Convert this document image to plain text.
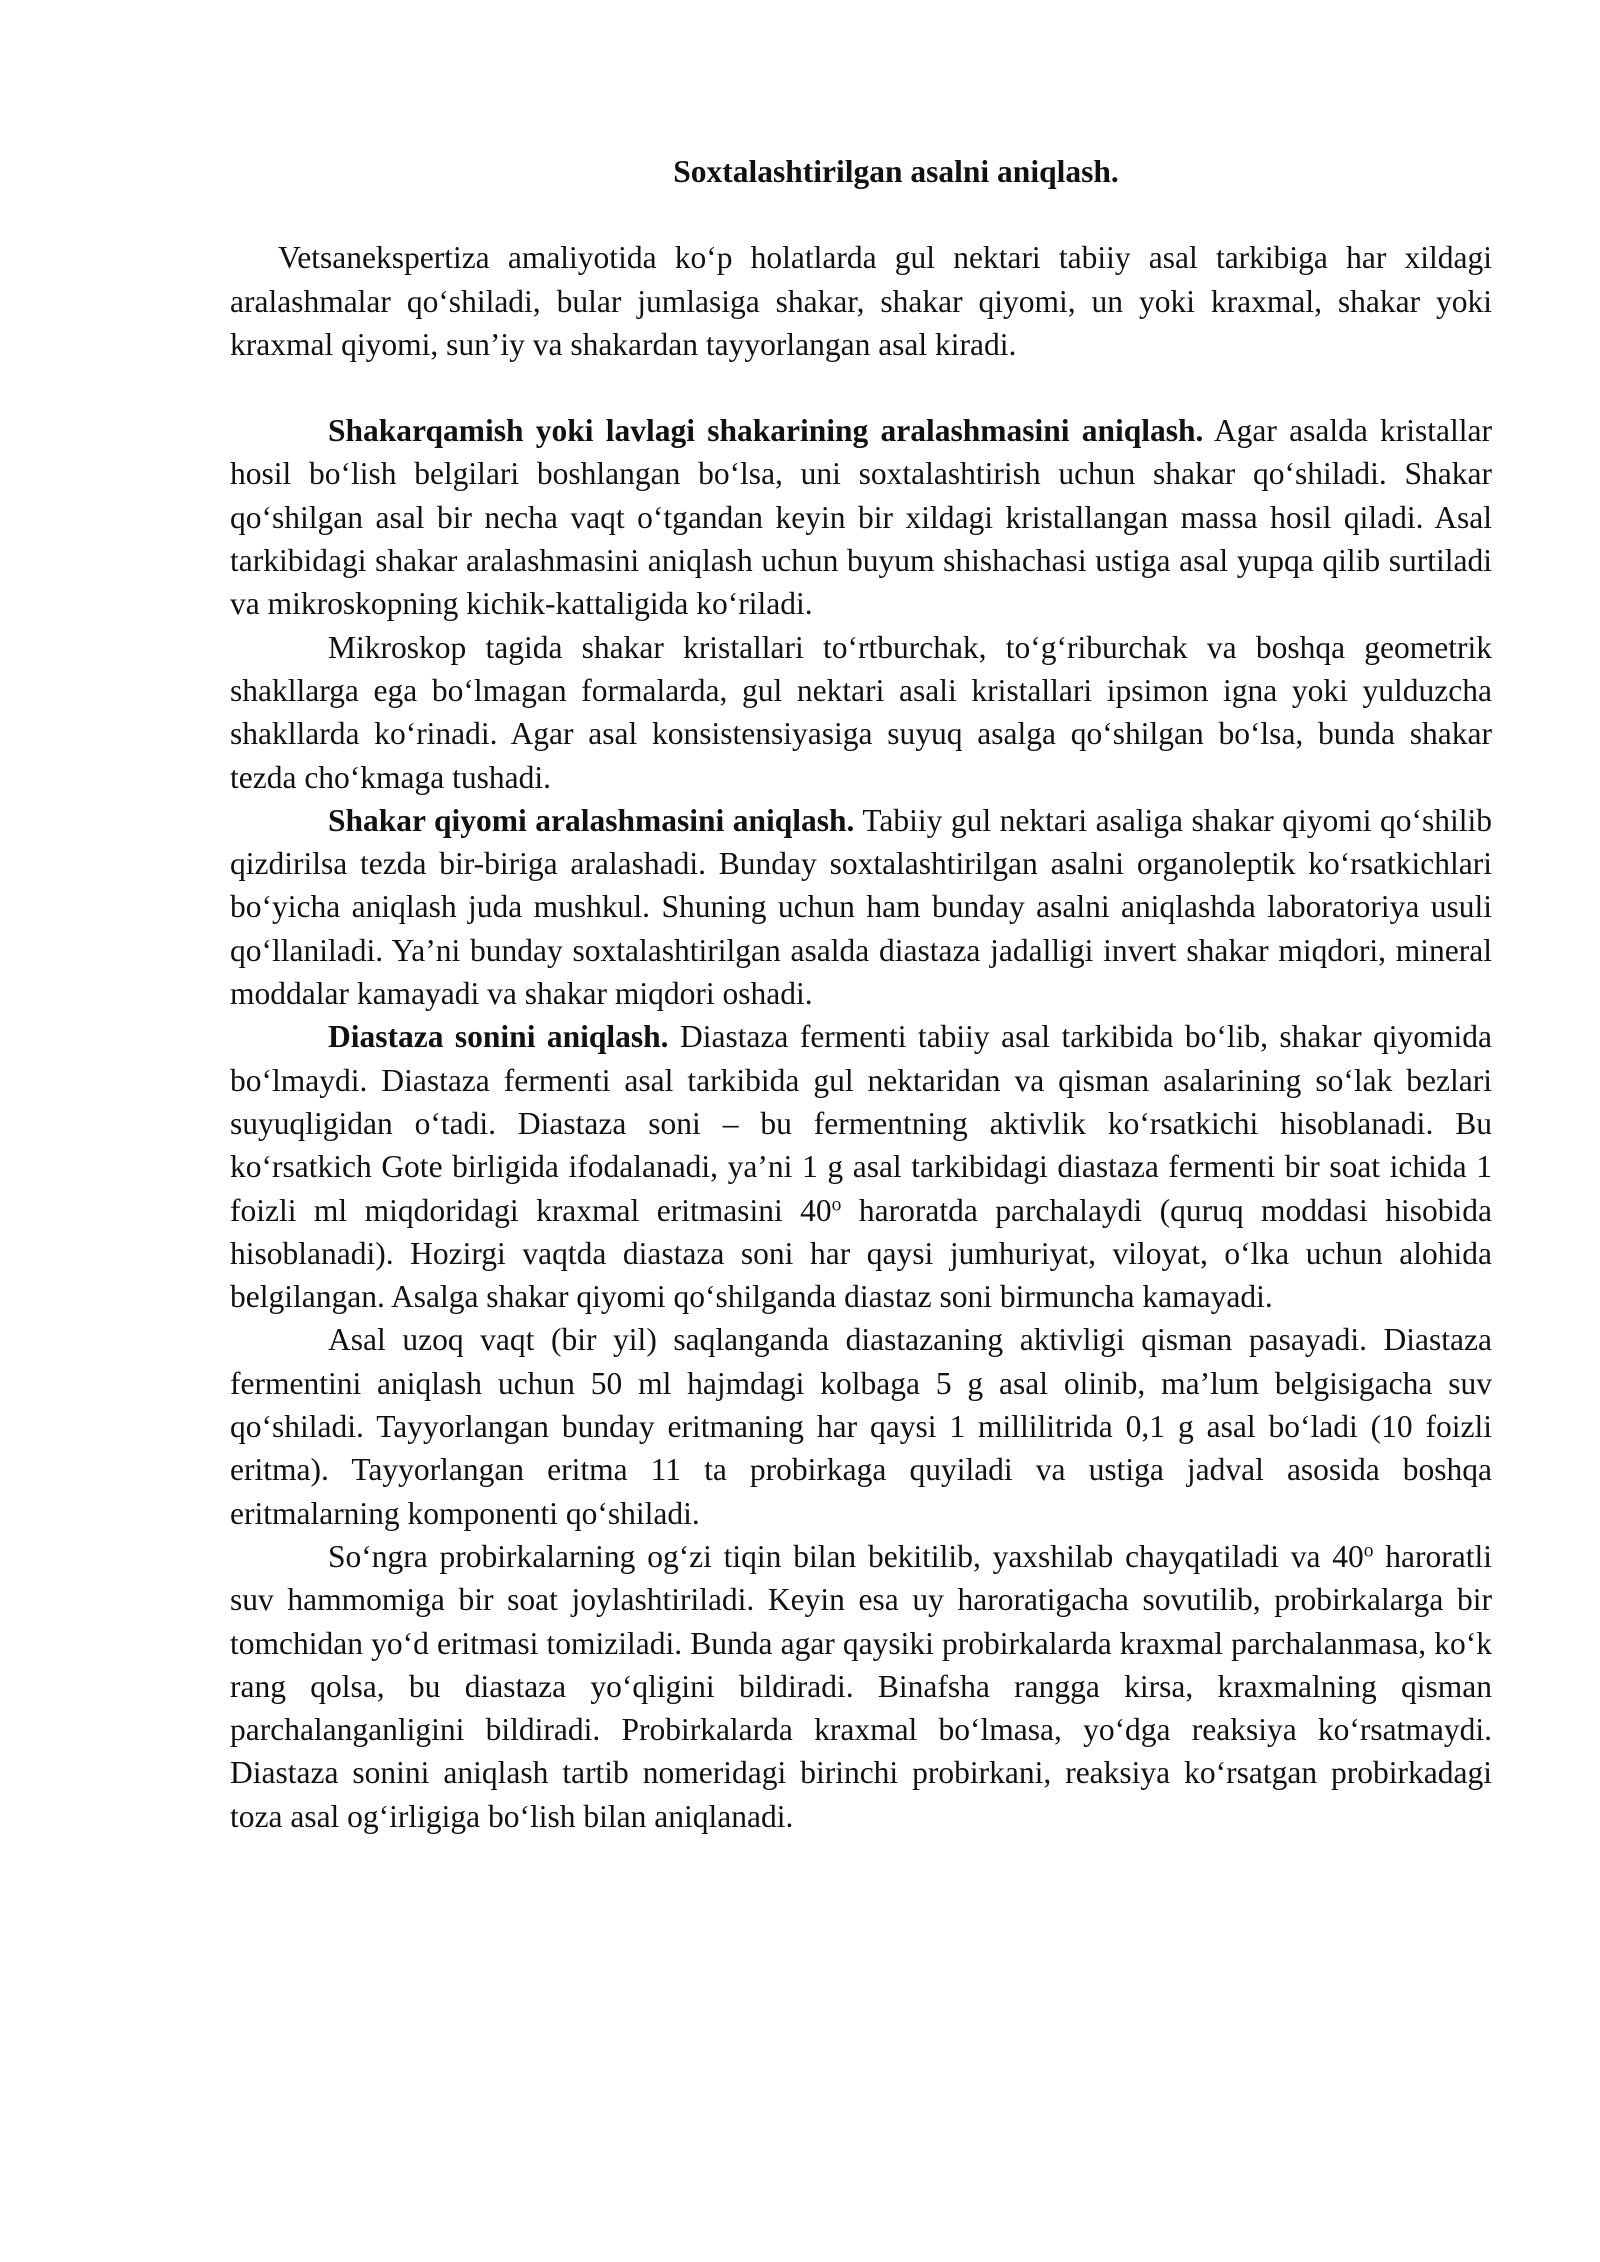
Soxtalashtirilgan asalni aniqlash.

Vetsanekspertiza amaliyotida ko‘p holatlarda gul nektari tabiiy asal tarkibiga har xildagi aralashmalar qo‘shiladi, bular jumlasiga shakar, shakar qiyomi, un yoki kraxmal, shakar yoki kraxmal qiyomi, sun’iy va shakardan tayyorlangan asal kiradi.

Shakarqamish yoki lavlagi shakarining aralashmasini aniqlash. Agar asalda kristallar hosil bo‘lish belgilari boshlangan bo‘lsa, uni soxtalashtirish uchun shakar qo‘shiladi. Shakar qo‘shilgan asal bir necha vaqt o‘tgandan keyin bir xildagi kristallangan massa hosil qiladi. Asal tarkibidagi shakar aralashmasini aniqlash uchun buyum shishachasi ustiga asal yupqa qilib surtiladi va mikroskopning kichik-kattaligida ko‘riladi.

Mikroskop tagida shakar kristallari to‘rtburchak, to‘g‘riburchak va boshqa geometrik shakllarga ega bo‘lmagan formalarda, gul nektari asali kristallari ipsimon igna yoki yulduzcha shakllarda ko‘rinadi. Agar asal konsistensiyasiga suyuq asalga qo‘shilgan bo‘lsa, bunda shakar tezda cho‘kmaga tushadi.

Shakar qiyomi aralashmasini aniqlash. Tabiiy gul nektari asaliga shakar qiyomi qo‘shilib qizdirilsa tezda bir-biriga aralashadi. Bunday soxtalashtirilgan asalni organoleptik ko‘rsatkichlari bo‘yicha aniqlash juda mushkul. Shuning uchun ham bunday asalni aniqlashda laboratoriya usuli qo‘llaniladi. Ya’ni bunday soxtalashtirilgan asalda diastaza jadalligi invert shakar miqdori, mineral moddalar kamayadi va shakar miqdori oshadi.

Diastaza sonini aniqlash. Diastaza fermenti tabiiy asal tarkibida bo‘lib, shakar qiyomida bo‘lmaydi. Diastaza fermenti asal tarkibida gul nektaridan va qisman asalarining so‘lak bezlari suyuqligidan o‘tadi. Diastaza soni – bu fermentning aktivlik ko‘rsatkichi hisoblanadi. Bu ko‘rsatkich Gote birligida ifodalanadi, ya’ni 1 g asal tarkibidagi diastaza fermenti bir soat ichida 1 foizli ml miqdoridagi kraxmal eritmasini 40$^o$ haroratda parchalaydi (quruq moddasi hisobida hisoblanadi). Hozirgi vaqtda diastaza soni har qaysi jumhuriyat, viloyat, o‘lka uchun alohida belgilangan. Asalga shakar qiyomi qo‘shilganda diastaz soni birmuncha kamayadi.

Asal uzoq vaqt (bir yil) saqlanganda diastazaning aktivligi qisman pasayadi. Diastaza fermentini aniqlash uchun 50 ml hajmdagi kolbaga 5 g asal olinib, ma’lum belgisigacha suv qo‘shiladi. Tayyorlangan bunday eritmaning har qaysi 1 millilitrida 0,1 g asal bo‘ladi (10 foizli eritma). Tayyorlangan eritma 11 ta probirkaga quyiladi va ustiga jadval asosida boshqa eritmalarning komponenti qo‘shiladi.

So‘ngra probirkalarning og‘zi tiqin bilan bekitilib, yaxshilab chayqatiladi va 40$^o$ haroratli suv hammomiga bir soat joylashtiriladi. Keyin esa uy haroratigacha sovutilib, probirkalarga bir tomchidan yo‘d eritmasi tomiziladi. Bunda agar qaysiki probirkalarda kraxmal parchalanmasa, ko‘k rang qolsa, bu diastaza yo‘qligini bildiradi. Binafsha rangga kirsa, kraxmalning qisman parchalanganligini bildiradi. Probirkalarda kraxmal bo‘lmasa, yo‘dga reaksiya ko‘rsatmaydi. Diastaza sonini aniqlash tartib nomeridagi birinchi probirkani, reaksiya ko‘rsatgan probirkadagi toza asal og‘irligiga bo‘lish bilan aniqlanadi.
